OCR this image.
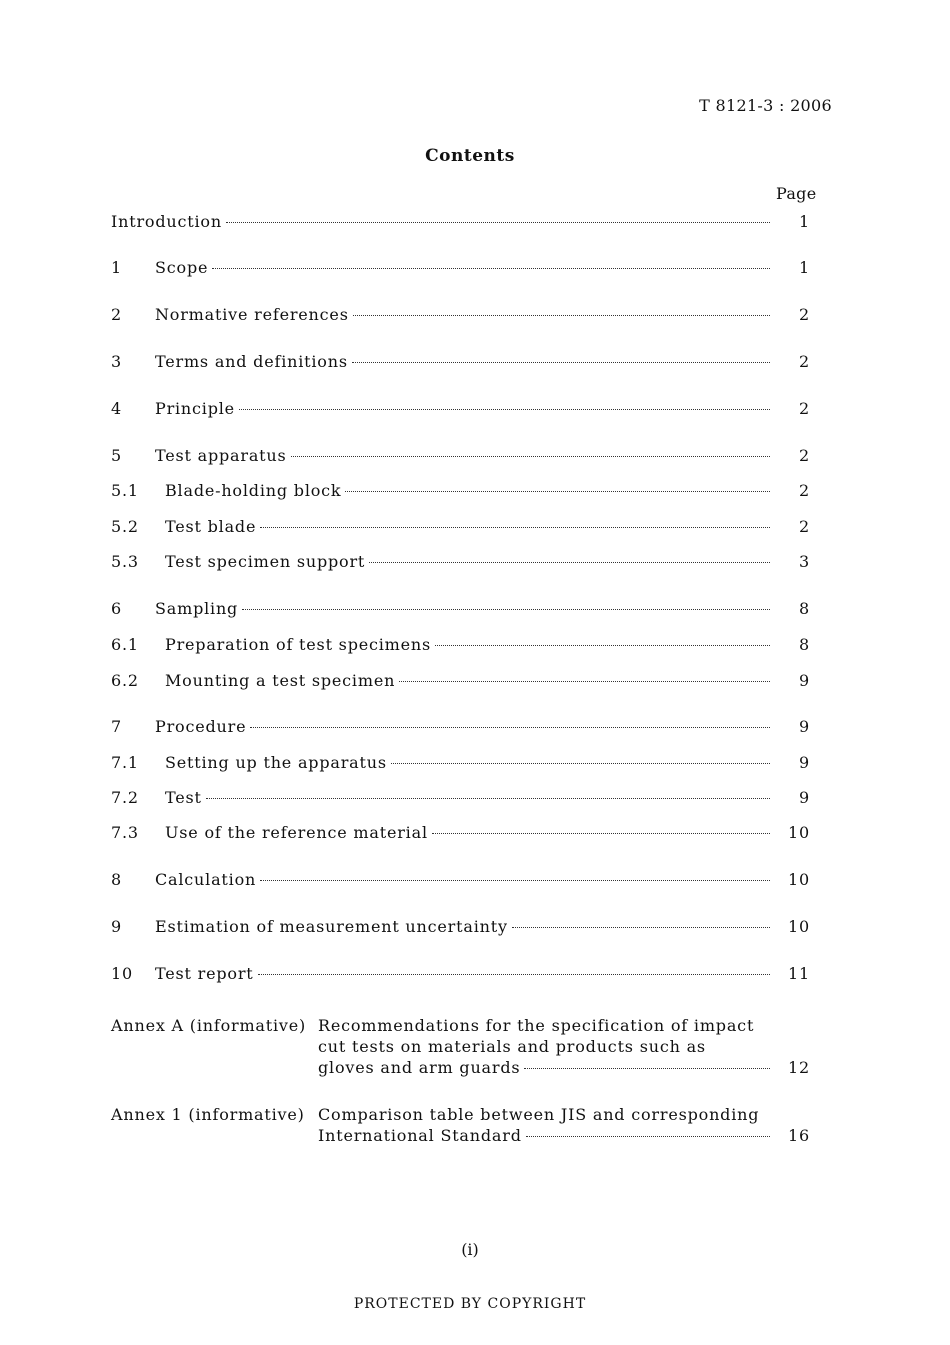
T 8121-3 : 2006
Contents
Page
Introduction	1
1	Scope	1
2	Normative references	2
3	Terms and definitions	2
4	Principle	2
5	Test apparatus	2
5.1	Blade-holding block	2
5.2	Test blade	2
5.3	Test specimen support	3
6	Sampling	8
6.1	Preparation of test specimens	8
6.2	Mounting a test specimen	9
7	Procedure	9
7.1	Setting up the apparatus	9
7.2	Test	9
7.3	Use of the reference material	10
8	Calculation	10
9	Estimation of measurement uncertainty	10
10	Test report	11
Annex A (informative) Recommendations for the specification of impact
cut tests on materials and products such as
gloves and arm guards	12
Annex 1 (informative) Comparison table between JIS and corresponding
International Standard	16
(i)
PROTECTED BY COPYRIGHT
